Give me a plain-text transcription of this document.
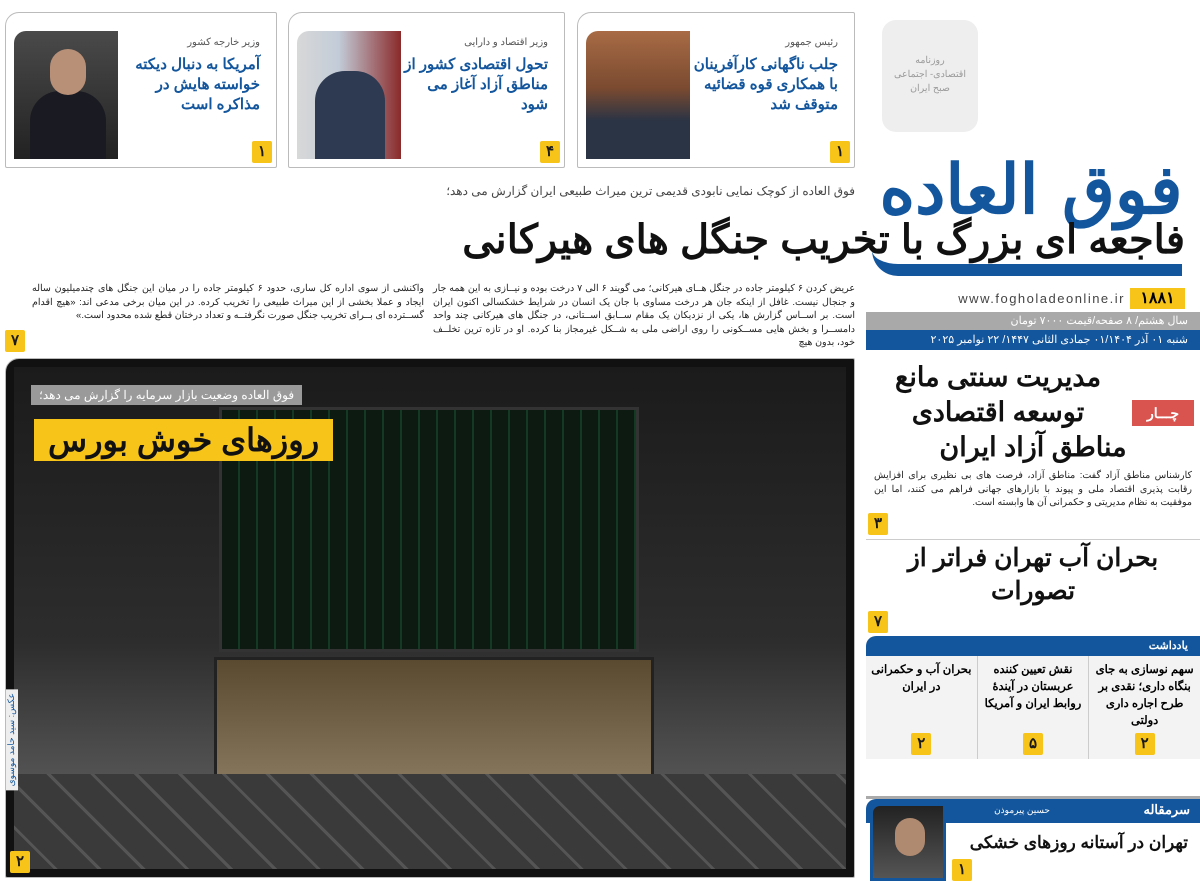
روزنامه
اقتصادی- اجتماعی
صبح ایران
فوق العاده
۱۸۸۱
www.fogholadeonline.ir
سال هشتم/ ۸ صفحه/قیمت ۷۰۰۰ تومان
شنبه ۰۱ آذر ۰۱/۱۴۰۴ جمادی الثانی ۱۴۴۷/ ۲۲ نوامبر ۲۰۲۵
رئیس جمهور
جلب ناگهانی کارآفرینان با همکاری قوه قضائیه متوقف شد
۱
وزیر اقتصاد و دارایی
تحول اقتصادی کشور از مناطق آزاد آغاز می شود
۴
وزیر خارجه کشور
آمریکا به دنبال دیکته خواسته هایش در مذاکره است
۱
فوق العاده از کوچک نمایی نابودی قدیمی ترین میراث طبیعی ایران گزارش می دهد؛
فاجعه ای بزرگ با تخریب جنگل های هیرکانی
عریض کردن ۶ کیلومتر جاده در جنگل هــای هیرکانی؛ می گویند ۶ الی ۷ درخت بوده و نیــازی به این همه جار و جنجال نیست. غافل از اینکه جان هر درخت مساوی با جان یک انسان در شرایط خشکسالی اکنون ایران است. بر اســاس گزارش ها، یکی از نزدیکان یک مقام ســابق اســتانی، در جنگل های هیرکانی چند واحد دامســرا و بخش هایی مســکونی را روی اراضی ملی به شــکل غیرمجاز بنا کرده. او در تازه ترین تخلــف خود، بدون هیچ
واکنشی از سوی اداره کل ساری، حدود ۶ کیلومتر جاده را در میان این جنگل های چندمیلیون ساله ایجاد و عملا بخشی از این میراث طبیعی را تخریب کرده. در این میان برخی مدعی اند: «هیچ اقدام گســترده ای بــرای تخریب جنگل صورت نگرفتــه و تعداد درختان قطع شده محدود است.»
۷
فوق العاده وضعیت بازار سرمایه را گزارش می دهد؛
روزهای خوش بورس
عکس: سید حامد موسوی
۲
چـــار
مدیریت سنتی مانع توسعه اقتصادی مناطق آزاد ایران
کارشناس مناطق آزاد گفت: مناطق آزاد، فرصت های بی نظیری برای افزایش رقابت پذیری اقتصاد ملی و پیوند با بازارهای جهانی فراهم می کنند، اما این موفقیت به نظام مدیریتی و حکمرانی آن ها وابسته است.
۳
بحران آب تهران فراتر از تصورات
۷
یادداشت
سهم نوسازی به جای بنگاه داری؛ نقدی بر طرح اجاره داری دولتی
۲
نقش تعیین کننده عربستان در آیندهٔ روابط ایران و آمریکا
۵
بحران آب و حکمرانی در ایران
۲
سرمقاله
حسین پیرموذن
تهران در آستانه روزهای خشکی
۱
